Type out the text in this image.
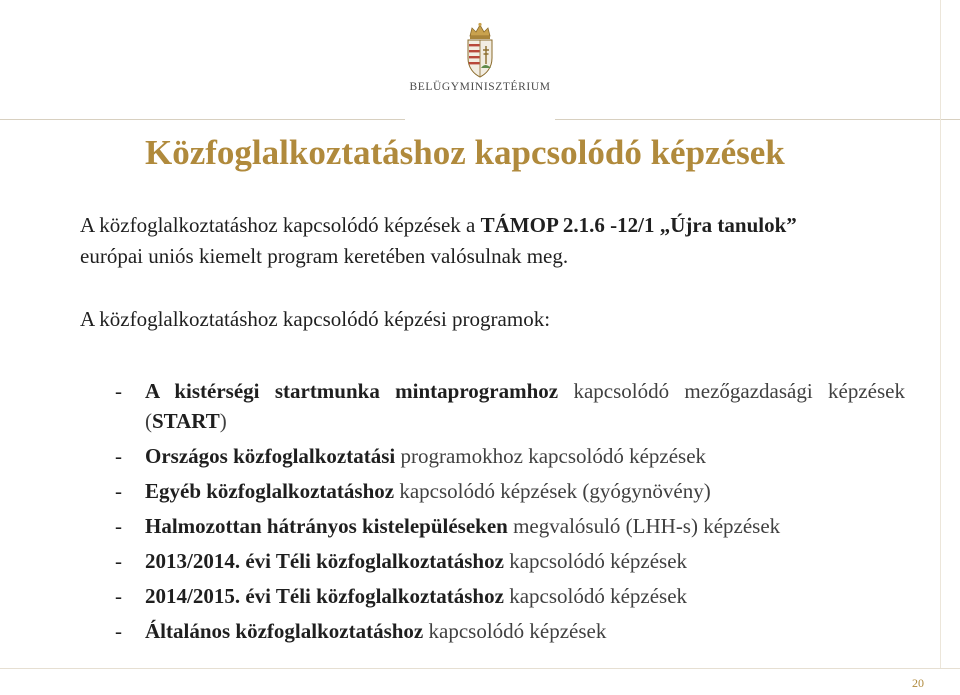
BELÜGYMINISZTÉRIUM
Közfoglalkoztatáshoz kapcsolódó képzések
A közfoglalkoztatáshoz kapcsolódó képzések a TÁMOP 2.1.6 -12/1 „Újra tanulok”
európai uniós kiemelt program keretében valósulnak meg.
A közfoglalkoztatáshoz kapcsolódó képzési programok:
- A kistérségi startmunka mintaprogramhoz kapcsolódó mezőgazdasági képzések (START)
- Országos közfoglalkoztatási programokhoz kapcsolódó képzések
- Egyéb közfoglalkoztatáshoz kapcsolódó képzések (gyógynövény)
- Halmozottan hátrányos kistelepüléseken megvalósuló (LHH-s) képzések
- 2013/2014. évi Téli közfoglalkoztatáshoz kapcsolódó képzések
- 2014/2015. évi Téli közfoglalkoztatáshoz kapcsolódó képzések
- Általános közfoglalkoztatáshoz kapcsolódó képzések
20
